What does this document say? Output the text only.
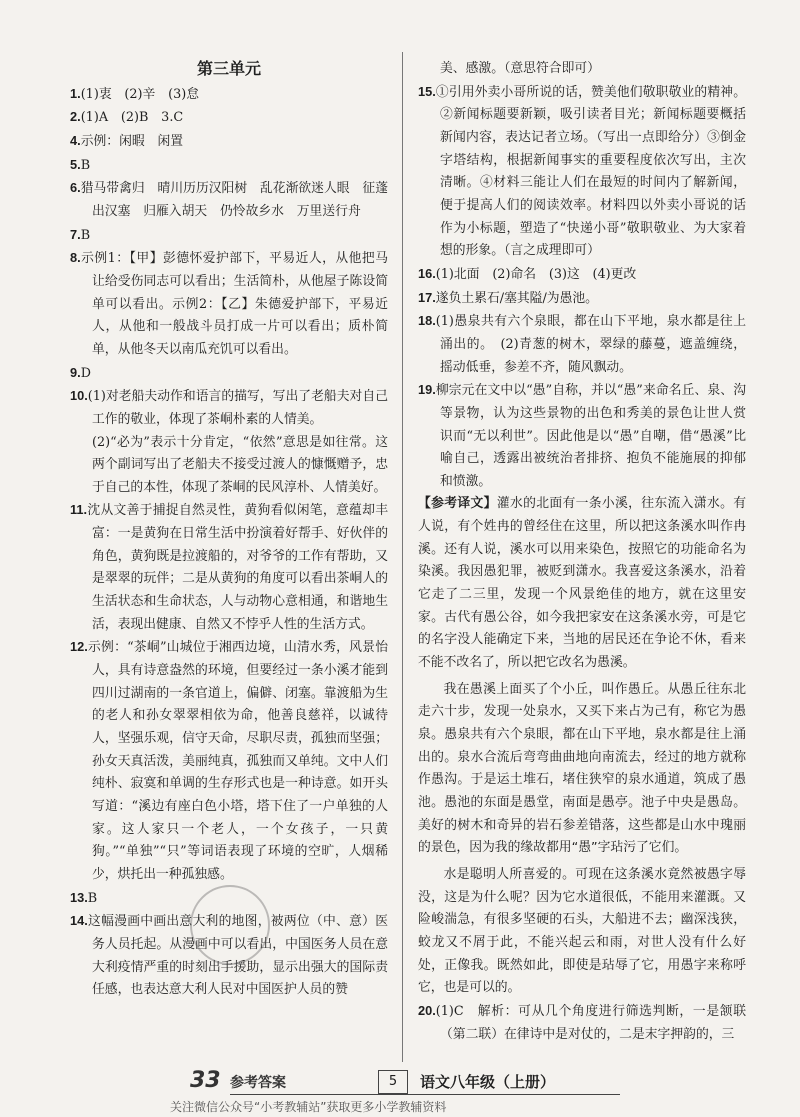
第三单元

1.(1)衷　(2)辛　(3)怠

2.(1)A　(2)B　3.C

4.示例：闲暇　闲置

5.B

6.猎马带禽归　晴川历历汉阳树　乱花渐欲迷人眼　征蓬出汉塞　归雁入胡天　仍怜故乡水　万里送行舟

7.B

8.示例1：【甲】彭德怀爱护部下，平易近人，从他把马让给受伤同志可以看出；生活简朴，从他屋子陈设简单可以看出。示例2：【乙】朱德爱护部下，平易近人，从他和一般战斗员打成一片可以看出；质朴简单，从他冬天以南瓜充饥可以看出。

9.D

10.(1)对老船夫动作和语言的描写，写出了老船夫对自己工作的敬业，体现了茶峒朴素的人情美。

(2)“必为”表示十分肯定，“依然”意思是如往常。这两个副词写出了老船夫不接受过渡人的慷慨赠予，忠于自己的本性，体现了茶峒的民风淳朴、人情美好。

11.沈从文善于捕捉自然灵性，黄狗看似闲笔，意蕴却丰富：一是黄狗在日常生活中扮演着好帮手、好伙伴的角色，黄狗既是拉渡船的，对爷爷的工作有帮助，又是翠翠的玩伴；二是从黄狗的角度可以看出茶峒人的生活状态和生命状态，人与动物心意相通，和谐地生活，表现出健康、自然又不悖乎人性的生活方式。

12.示例：“茶峒”山城位于湘西边境，山清水秀，风景怡人，具有诗意盎然的环境，但要经过一条小溪才能到四川过湖南的一条官道上，偏僻、闭塞。靠渡船为生的老人和孙女翠翠相依为命，他善良慈祥，以诚待人，坚强乐观，信守天命，尽职尽责，孤独而坚强；孙女天真活泼，美丽纯真，孤独而又单纯。文中人们纯朴、寂寞和单调的生存形式也是一种诗意。如开头写道：“溪边有座白色小塔，塔下住了一户单独的人家。这人家只一个老人，一个女孩子，一只黄狗。”“单独”“只”等词语表现了环境的空旷，人烟稀少，烘托出一种孤独感。

13.B

14.这幅漫画中画出意大利的地图，被两位（中、意）医务人员托起。从漫画中可以看出，中国医务人员在意大利疫情严重的时刻出手援助，显示出强大的国际责任感，也表达意大利人民对中国医护人员的赞

美、感激。（意思符合即可）

15.①引用外卖小哥所说的话，赞美他们敬职敬业的精神。②新闻标题要新颖，吸引读者目光；新闻标题要概括新闻内容，表达记者立场。（写出一点即给分）③倒金字塔结构，根据新闻事实的重要程度依次写出，主次清晰。④材料三能让人们在最短的时间内了解新闻，便于提高人们的阅读效率。材料四以外卖小哥说的话作为小标题，塑造了“快递小哥”敬职敬业、为大家着想的形象。（言之成理即可）

16.(1)北面　(2)命名　(3)这　(4)更改

17.遂负土累石/塞其隘/为愚池。

18.(1)愚泉共有六个泉眼，都在山下平地，泉水都是往上涌出的。　(2)青葱的树木，翠绿的藤蔓，遮盖缠绕，摇动低垂，参差不齐，随风飘动。

19.柳宗元在文中以“愚”自称，并以“愚”来命名丘、泉、沟等景物，认为这些景物的出色和秀美的景色让世人赏识而“无以利世”。因此他是以“愚”自嘲，借“愚溪”比喻自己，透露出被统治者排挤、抱负不能施展的抑郁和愤激。

【参考译文】灌水的北面有一条小溪，往东流入潇水。有人说，有个姓冉的曾经住在这里，所以把这条溪水叫作冉溪。还有人说，溪水可以用来染色，按照它的功能命名为染溪。我因愚犯罪，被贬到潇水。我喜爱这条溪水，沿着它走了二三里，发现一个风景绝佳的地方，就在这里安家。古代有愚公谷，如今我把家安在这条溪水旁，可是它的名字没人能确定下来，当地的居民还在争论不休，看来不能不改名了，所以把它改名为愚溪。

我在愚溪上面买了个小丘，叫作愚丘。从愚丘往东北走六十步，发现一处泉水，又买下来占为己有，称它为愚泉。愚泉共有六个泉眼，都在山下平地，泉水都是往上涌出的。泉水合流后弯弯曲曲地向南流去，经过的地方就称作愚沟。于是运土堆石，堵住狭窄的泉水通道，筑成了愚池。愚池的东面是愚堂，南面是愚亭。池子中央是愚岛。美好的树木和奇异的岩石参差错落，这些都是山水中瑰丽的景色，因为我的缘故都用“愚”字玷污了它们。

水是聪明人所喜爱的。可现在这条溪水竟然被愚字辱没，这是为什么呢？因为它水道很低，不能用来灌溉。又险峻湍急，有很多坚硬的石头，大船进不去；幽深浅狭，蛟龙又不屑于此，不能兴起云和雨，对世人没有什么好处，正像我。既然如此，即使是玷辱了它，用愚字来称呼它，也是可以的。

20.(1)C　解析：可从几个角度进行筛选判断，一是颔联（第二联）在律诗中是对仗的，二是末字押韵的，三

33 参考答案	5	语文八年级（上册）
关注微信公众号“小考教辅站”获取更多小学教辅资料
